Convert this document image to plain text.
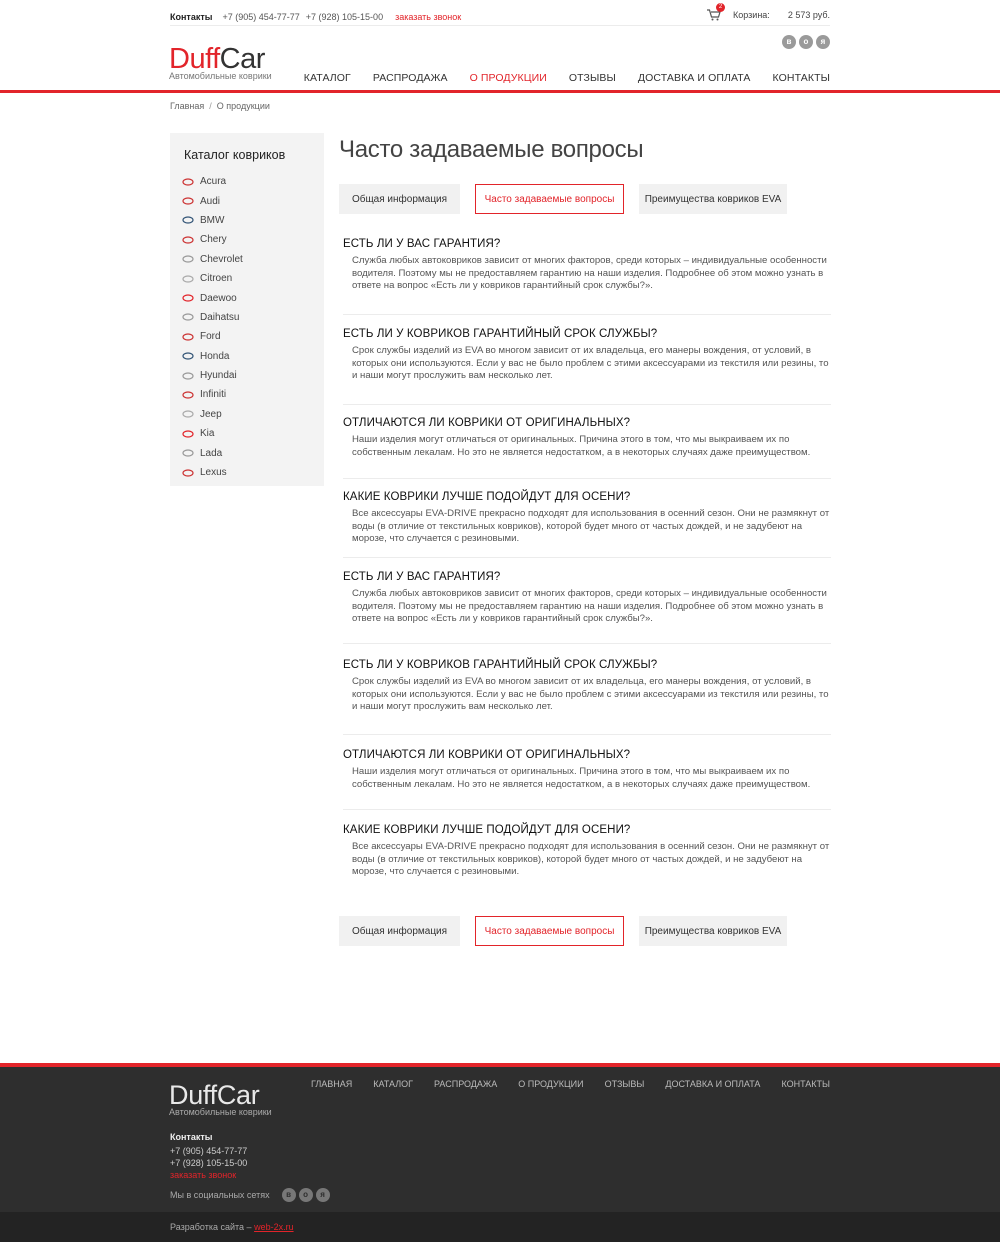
Контакты +7 (905) 454-77-77 +7 (928) 105-15-00 заказать звонок
2
Корзина: 2 573 руб.
DuffCar
Автомобильные коврики
в	о	я
КАТАЛОГ	РАСПРОДАЖА	О ПРОДУКЦИИ	ОТЗЫВЫ	ДОСТАВКА И ОПЛАТА	КОНТАКТЫ
Главная / О продукции
Каталог ковриков
Acura
Audi
BMW
Chery
Chevrolet
Citroen
Daewoo
Daihatsu
Ford
Honda
Hyundai
Infiniti
Jeep
Kia
Lada
Lexus
Часто задаваемые вопросы
Общая информация	Часто задаваемые вопросы	Преимущества ковриков EVA
ЕСТЬ ЛИ У ВАС ГАРАНТИЯ?
Служба любых автоковриков зависит от многих факторов, среди которых – индивидуальные особенности водителя. Поэтому мы не предоставляем гарантию на наши изделия. Подробнее об этом можно узнать в ответе на вопрос «Есть ли у ковриков гарантийный срок службы?».
ЕСТЬ ЛИ У КОВРИКОВ ГАРАНТИЙНЫЙ СРОК СЛУЖБЫ?
Срок службы изделий из EVA во многом зависит от их владельца, его манеры вождения, от условий, в которых они используются. Если у вас не было проблем с этими аксессуарами из текстиля или резины, то и наши могут прослужить вам несколько лет.
ОТЛИЧАЮТСЯ ЛИ КОВРИКИ ОТ ОРИГИНАЛЬНЫХ?
Наши изделия могут отличаться от оригинальных. Причина этого в том, что мы выкраиваем их по собственным лекалам. Но это не является недостатком, а в некоторых случаях даже преимуществом.
КАКИЕ КОВРИКИ ЛУЧШЕ ПОДОЙДУТ ДЛЯ ОСЕНИ?
Все аксессуары EVA-DRIVE прекрасно подходят для использования в осенний сезон. Они не размякнут от воды (в отличие от текстильных ковриков), которой будет много от частых дождей, и не задубеют на морозе, что случается с резиновыми.
ЕСТЬ ЛИ У ВАС ГАРАНТИЯ?
Служба любых автоковриков зависит от многих факторов, среди которых – индивидуальные особенности водителя. Поэтому мы не предоставляем гарантию на наши изделия. Подробнее об этом можно узнать в ответе на вопрос «Есть ли у ковриков гарантийный срок службы?».
ЕСТЬ ЛИ У КОВРИКОВ ГАРАНТИЙНЫЙ СРОК СЛУЖБЫ?
Срок службы изделий из EVA во многом зависит от их владельца, его манеры вождения, от условий, в которых они используются. Если у вас не было проблем с этими аксессуарами из текстиля или резины, то и наши могут прослужить вам несколько лет.
ОТЛИЧАЮТСЯ ЛИ КОВРИКИ ОТ ОРИГИНАЛЬНЫХ?
Наши изделия могут отличаться от оригинальных. Причина этого в том, что мы выкраиваем их по собственным лекалам. Но это не является недостатком, а в некоторых случаях даже преимуществом.
КАКИЕ КОВРИКИ ЛУЧШЕ ПОДОЙДУТ ДЛЯ ОСЕНИ?
Все аксессуары EVA-DRIVE прекрасно подходят для использования в осенний сезон. Они не размякнут от воды (в отличие от текстильных ковриков), которой будет много от частых дождей, и не задубеют на морозе, что случается с резиновыми.
Общая информация	Часто задаваемые вопросы	Преимущества ковриков EVA
DuffCar
Автомобильные коврики
ГЛАВНАЯ КАТАЛОГ РАСПРОДАЖА О ПРОДУКЦИИ ОТЗЫВЫ ДОСТАВКА И ОПЛАТА КОНТАКТЫ
Контакты
+7 (905) 454-77-77
+7 (928) 105-15-00
заказать звонок
Мы в социальных сетях	в	о	я
Разработка сайта – web-2x.ru
